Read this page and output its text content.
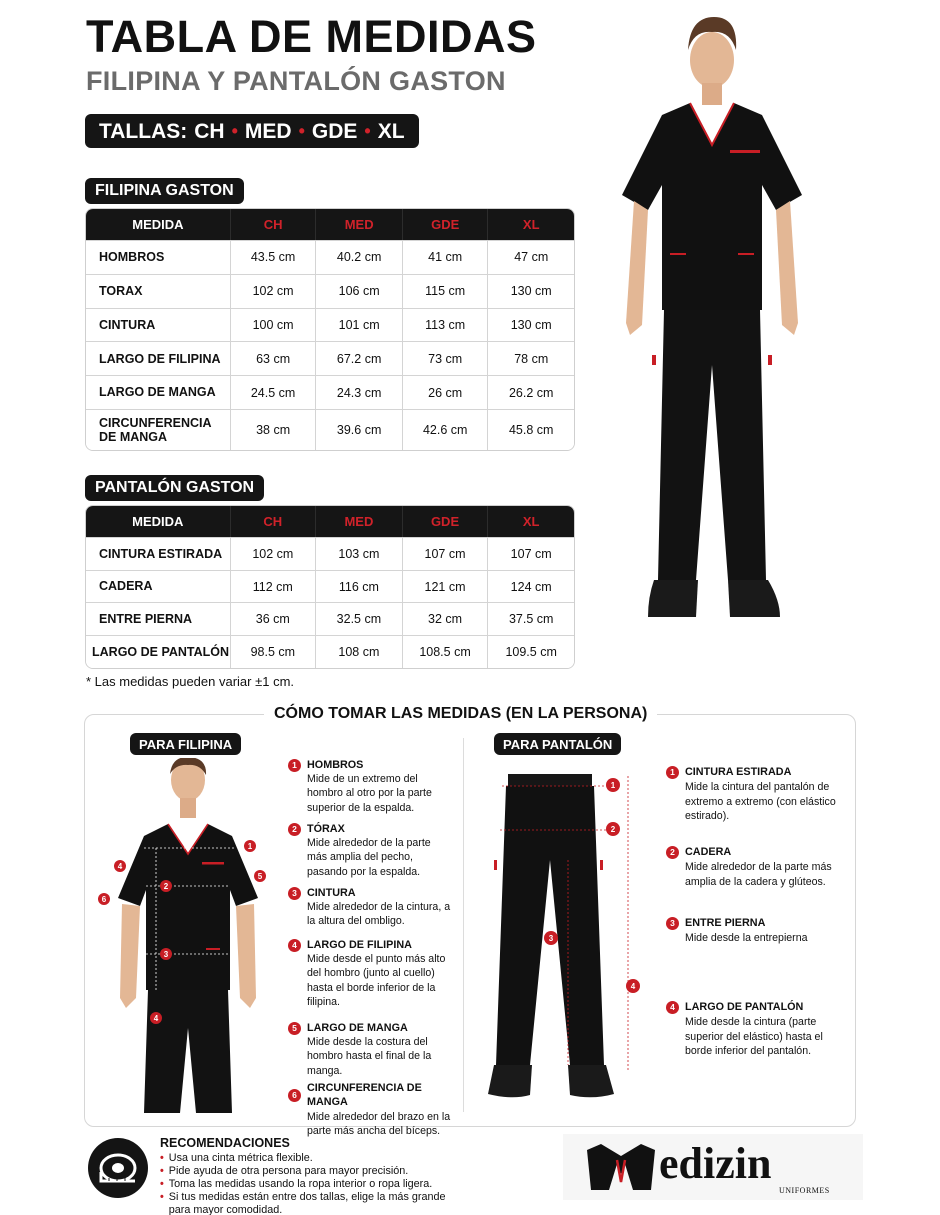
TABLA DE MEDIDAS
FILIPINA Y PANTALÓN GASTON
TALLAS: CH • MED • GDE • XL
FILIPINA GASTON
MEDIDA	CH	MED	GDE	XL
HOMBROS	43.5 cm	40.2 cm	41 cm	47 cm
TORAX	102 cm	106 cm	115 cm	130 cm
CINTURA	100 cm	101 cm	113 cm	130 cm
LARGO DE FILIPINA	63 cm	67.2 cm	73 cm	78 cm
LARGO DE MANGA	24.5 cm	24.3 cm	26 cm	26.2 cm
CIRCUNFERENCIA DE MANGA	38 cm	39.6 cm	42.6 cm	45.8 cm
PANTALÓN GASTON
MEDIDA	CH	MED	GDE	XL
CINTURA ESTIRADA	102 cm	103 cm	107 cm	107 cm
CADERA	112 cm	116 cm	121 cm	124 cm
ENTRE PIERNA	36 cm	32.5 cm	32 cm	37.5 cm
LARGO DE PANTALÓN	98.5 cm	108 cm	108.5 cm	109.5 cm
* Las medidas pueden variar ±1 cm.
CÓMO TOMAR LAS MEDIDAS (EN LA PERSONA)
PARA FILIPINA	PARA PANTALÓN
1
2
3
4
5
6
4
1 HOMBROS
Mide de un extremo del hombro al otro por la parte superior de la espalda.
2 TÓRAX
Mide alrededor de la parte más amplia del pecho, pasando por la espalda.
3 CINTURA
Mide alrededor de la cintura, a la altura del ombligo.
4 LARGO DE FILIPINA
Mide desde el punto más alto del hombro (junto al cuello) hasta el borde inferior de la filipina.
5 LARGO DE MANGA
Mide desde la costura del hombro hasta el final de la manga.
6
CIRCUNFERENCIA DE MANGA
Mide alrededor del brazo en la parte más ancha del bíceps.
1
2
3
4
1 CINTURA ESTIRADA
Mide la cintura del pantalón de extremo a extremo (con elástico estirado).
2 CADERA
Mide alrededor de la parte más amplia de la cadera y glúteos.
3 ENTRE PIERNA
Mide desde la entrepierna
4 LARGO DE PANTALÓN
Mide desde la cintura (parte superior del elástico) hasta el borde inferior del pantalón.
RECOMENDACIONES
• Usa una cinta métrica flexible.
• Pide ayuda de otra persona para mayor precisión.
• Toma las medidas usando la ropa interior o ropa ligera.
• Si tus medidas están entre dos tallas, elige la más grande para mayor comodidad.
edizin
UNIFORMES
